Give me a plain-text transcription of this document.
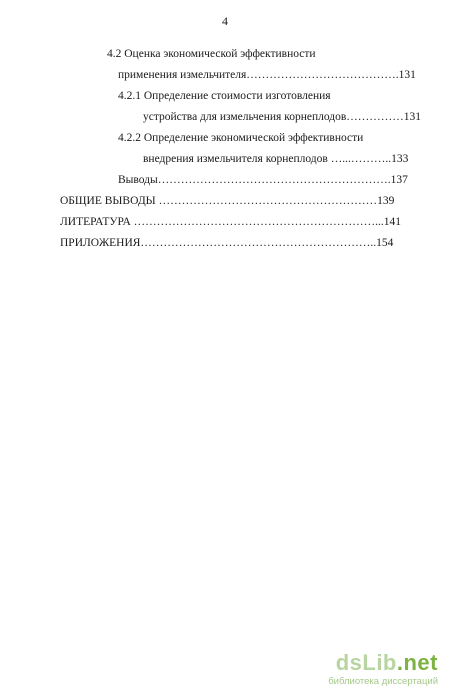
4
4.2 Оценка экономической эффективности
применения измельчителя………………………………….131
4.2.1 Определение стоимости изготовления
устройства для измельчения корнеплодов……………131
4.2.2 Определение экономической эффективности
внедрения измельчителя корнеплодов …...………..133
Выводы…………………………………………………….137
ОБЩИЕ ВЫВОДЫ …………………………………………………139
ЛИТЕРАТУРА ………………………………………………………...141
ПРИЛОЖЕНИЯ……………………………………………………..154
dsLib.net
библиотека диссертаций
